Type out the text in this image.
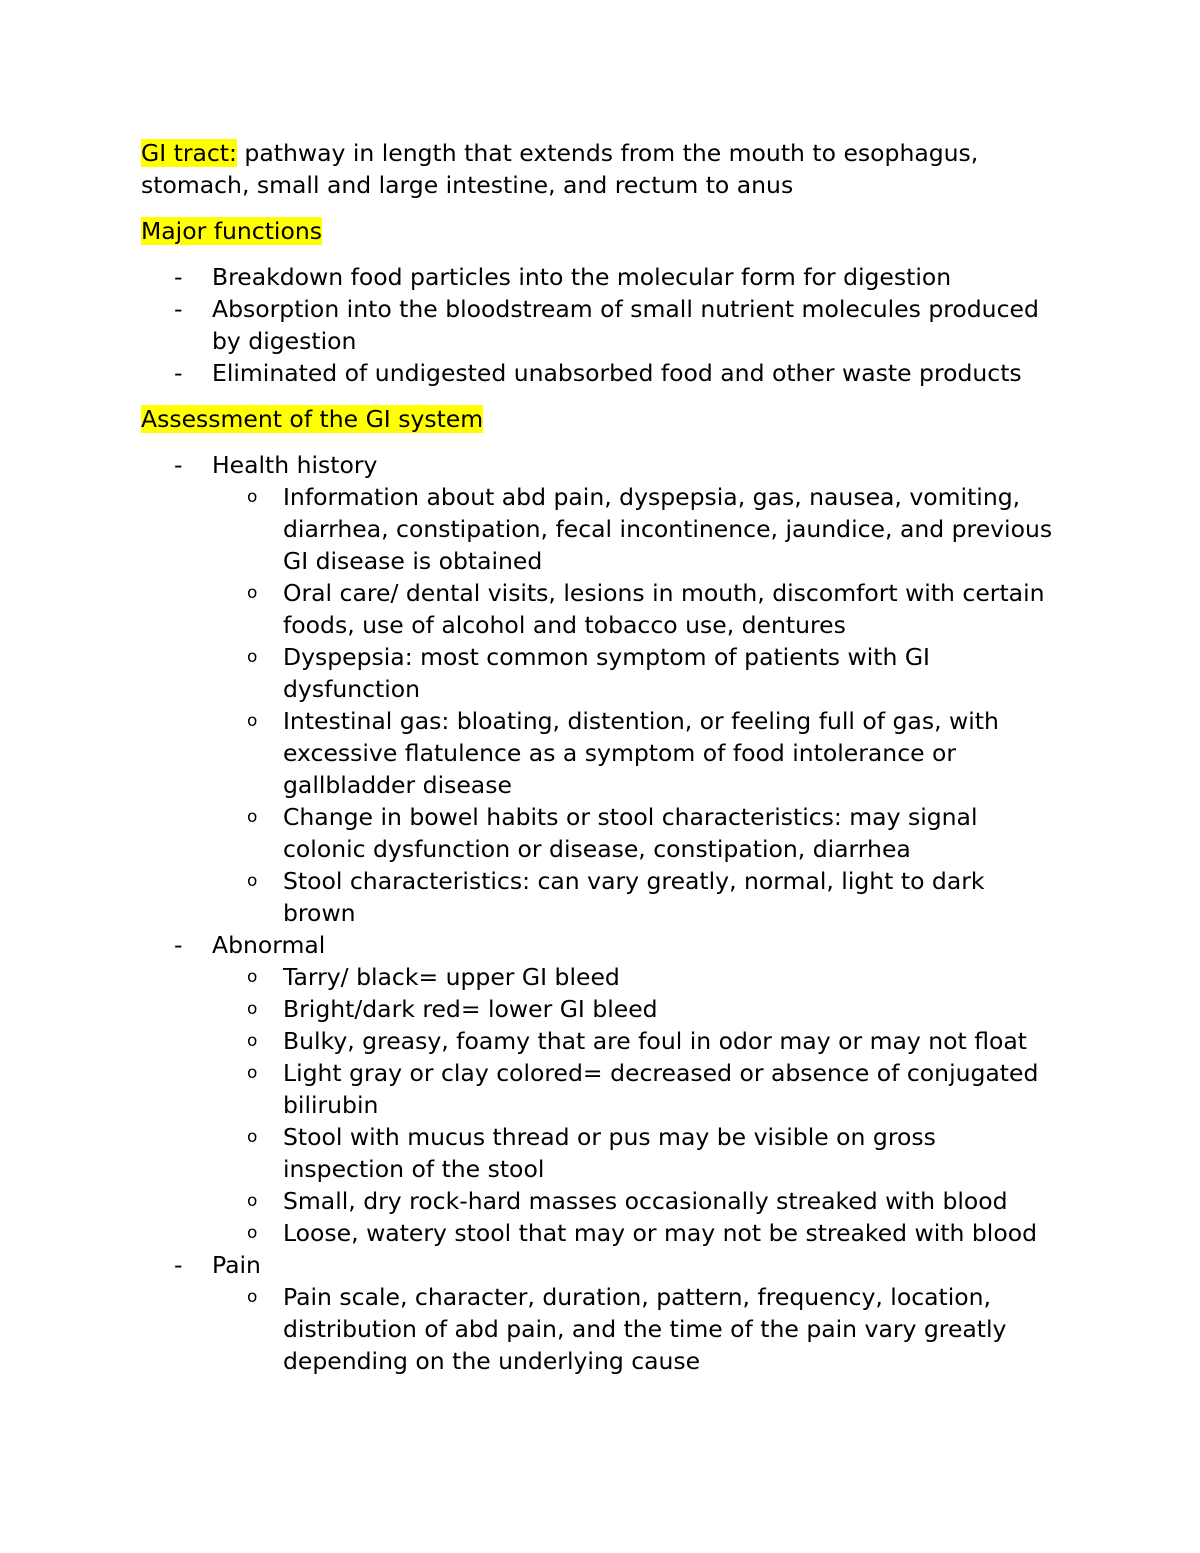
GI tract: pathway in length that extends from the mouth to esophagus, stomach, small and large intestine, and rectum to anus

Major functions

- Breakdown food particles into the molecular form for digestion
- Absorption into the bloodstream of small nutrient molecules produced by digestion
- Eliminated of undigested unabsorbed food and other waste products

Assessment of the GI system

- Health history
o Information about abd pain, dyspepsia, gas, nausea, vomiting, diarrhea, constipation, fecal incontinence, jaundice, and previous GI disease is obtained
o Oral care/ dental visits, lesions in mouth, discomfort with certain foods, use of alcohol and tobacco use, dentures
o Dyspepsia: most common symptom of patients with GI dysfunction
o Intestinal gas: bloating, distention, or feeling full of gas, with excessive flatulence as a symptom of food intolerance or gallbladder disease
o Change in bowel habits or stool characteristics: may signal colonic dysfunction or disease, constipation, diarrhea
o Stool characteristics: can vary greatly, normal, light to dark brown
- Abnormal
o Tarry/ black= upper GI bleed
o Bright/dark red= lower GI bleed
o Bulky, greasy, foamy that are foul in odor may or may not float
o Light gray or clay colored= decreased or absence of conjugated bilirubin
o Stool with mucus thread or pus may be visible on gross inspection of the stool
o Small, dry rock-hard masses occasionally streaked with blood
o Loose, watery stool that may or may not be streaked with blood
- Pain
o Pain scale, character, duration, pattern, frequency, location, distribution of abd pain, and the time of the pain vary greatly depending on the underlying cause
